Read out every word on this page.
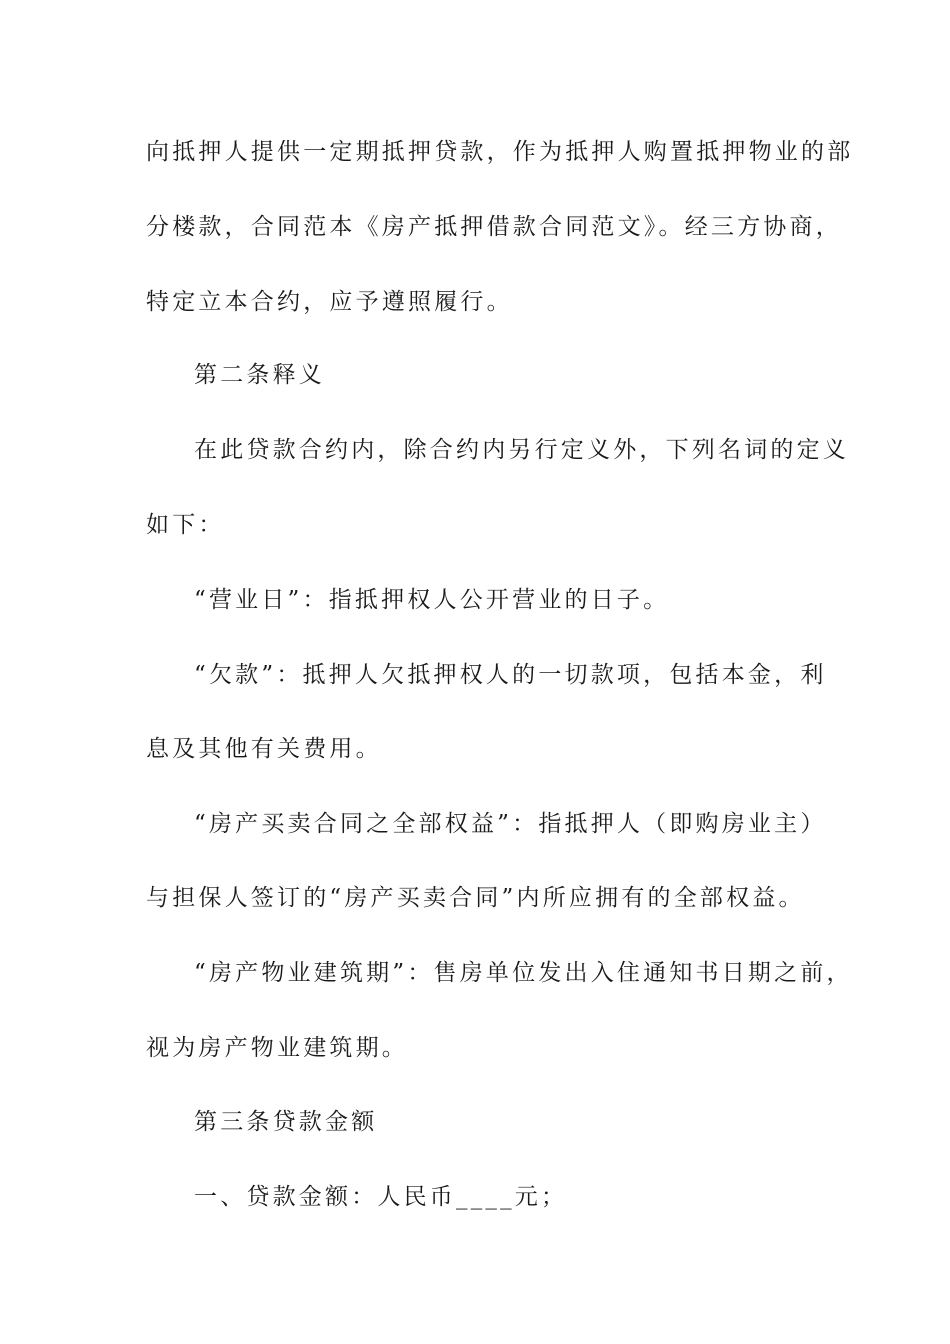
向抵押人提供一定期抵押贷款，作为抵押人购置抵押物业的部
分楼款，合同范本《房产抵押借款合同范文》。经三方协商，
特定立本合约，应予遵照履行。
第二条释义
在此贷款合约内，除合约内另行定义外，下列名词的定义
如下：
“营业日”：指抵押权人公开营业的日子。
“欠款”：抵押人欠抵押权人的一切款项，包括本金，利
息及其他有关费用。
“房产买卖合同之全部权益”：指抵押人（即购房业主）
与担保人签订的“房产买卖合同”内所应拥有的全部权益。
“房产物业建筑期”：售房单位发出入住通知书日期之前，
视为房产物业建筑期。
第三条贷款金额
一、贷款金额：人民币____元；
